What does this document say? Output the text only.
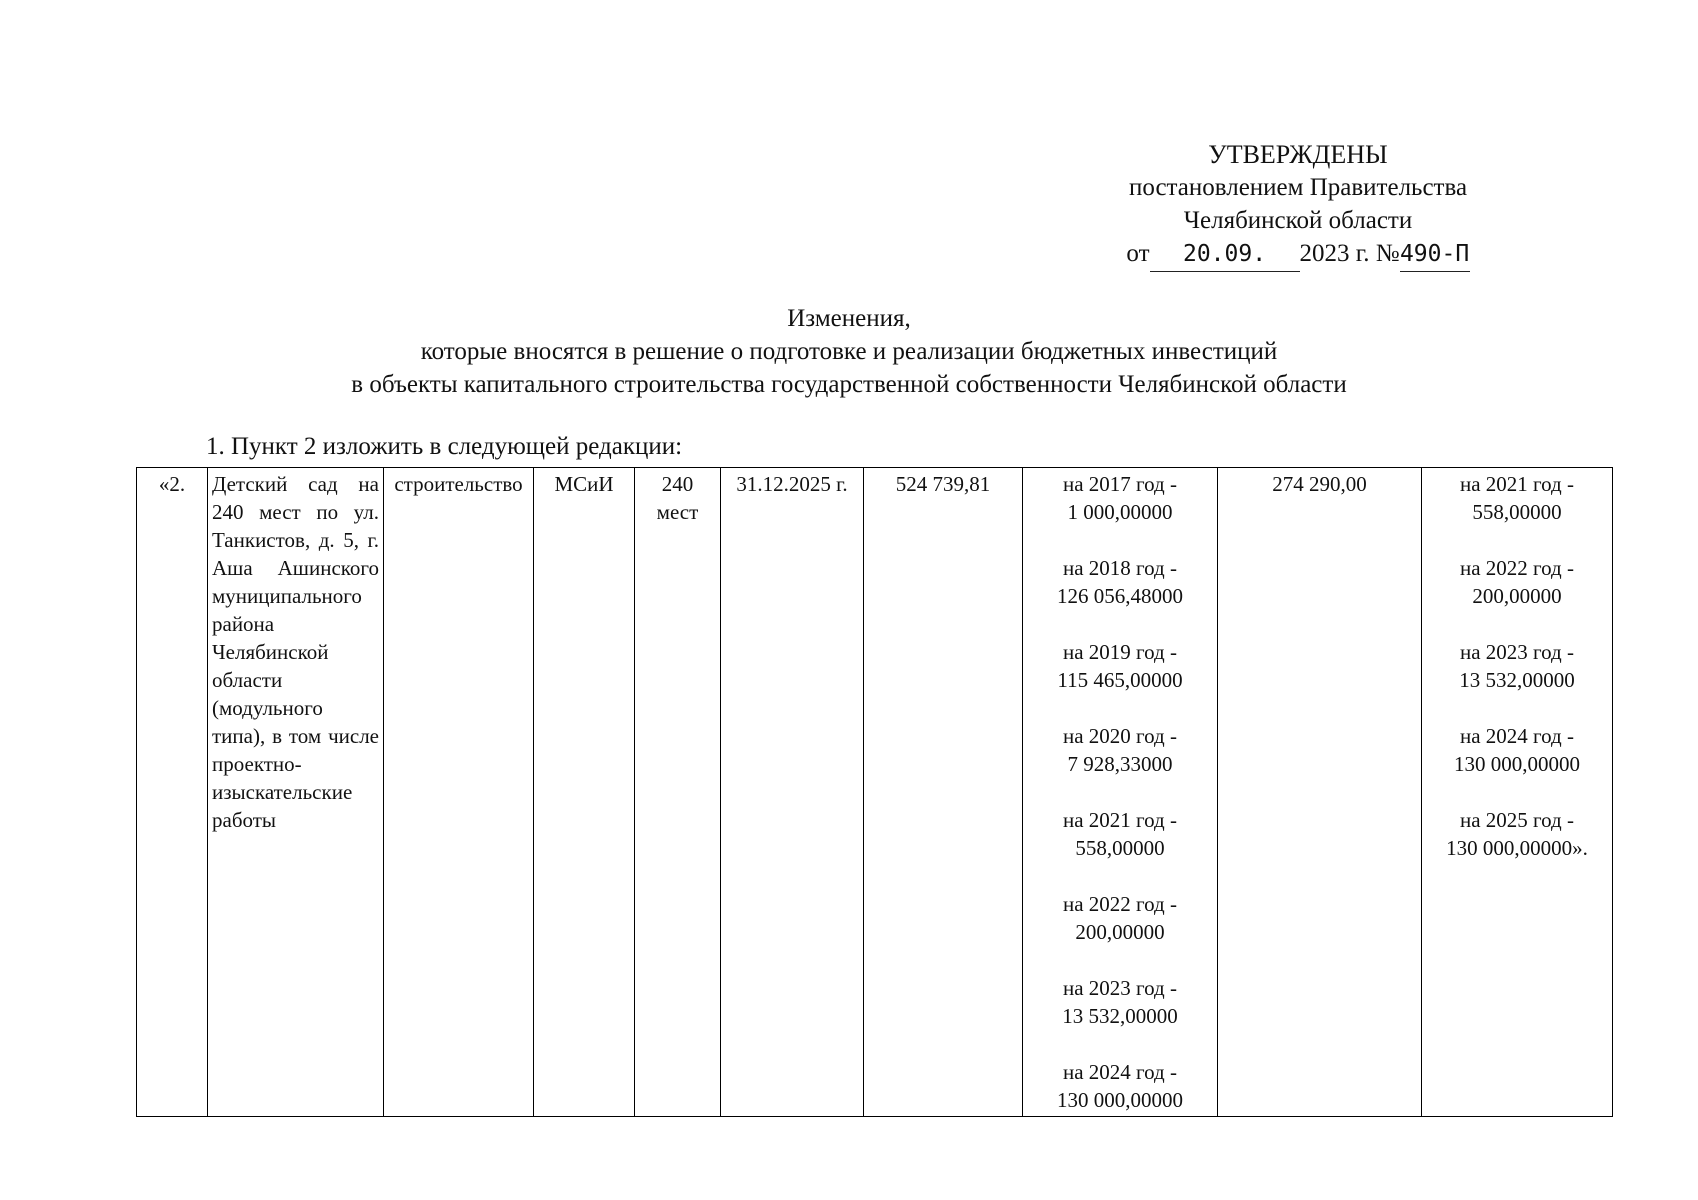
УТВЕРЖДЕНЫ
постановлением Правительства
Челябинской области
от 20.09. 2023 г. №490-П
Изменения,
которые вносятся в решение о подготовке и реализации бюджетных инвестиций
в объекты капитального строительства государственной собственности Челябинской области
1. Пункт 2 изложить в следующей редакции:
«2.	Детский сад на 240 мест по ул. Танкистов, д. 5, г. Аша Ашинского муниципального района Челябинской области (модульного типа), в том числе проектно-изыскательские работы	строительство	МСиИ	240
мест
	31.12.2025 г.	524 739,81	на 2017 год -
1 000,00000
на 2018 год -
126 056,48000
на 2019 год -
115 465,00000
на 2020 год -
7 928,33000
на 2021 год -
558,00000
на 2022 год -
200,00000
на 2023 год -
13 532,00000
на 2024 год -
130 000,00000
	274 290,00	на 2021 год -
558,00000
на 2022 год -
200,00000
на 2023 год -
13 532,00000
на 2024 год -
130 000,00000
на 2025 год -
130 000,00000».
